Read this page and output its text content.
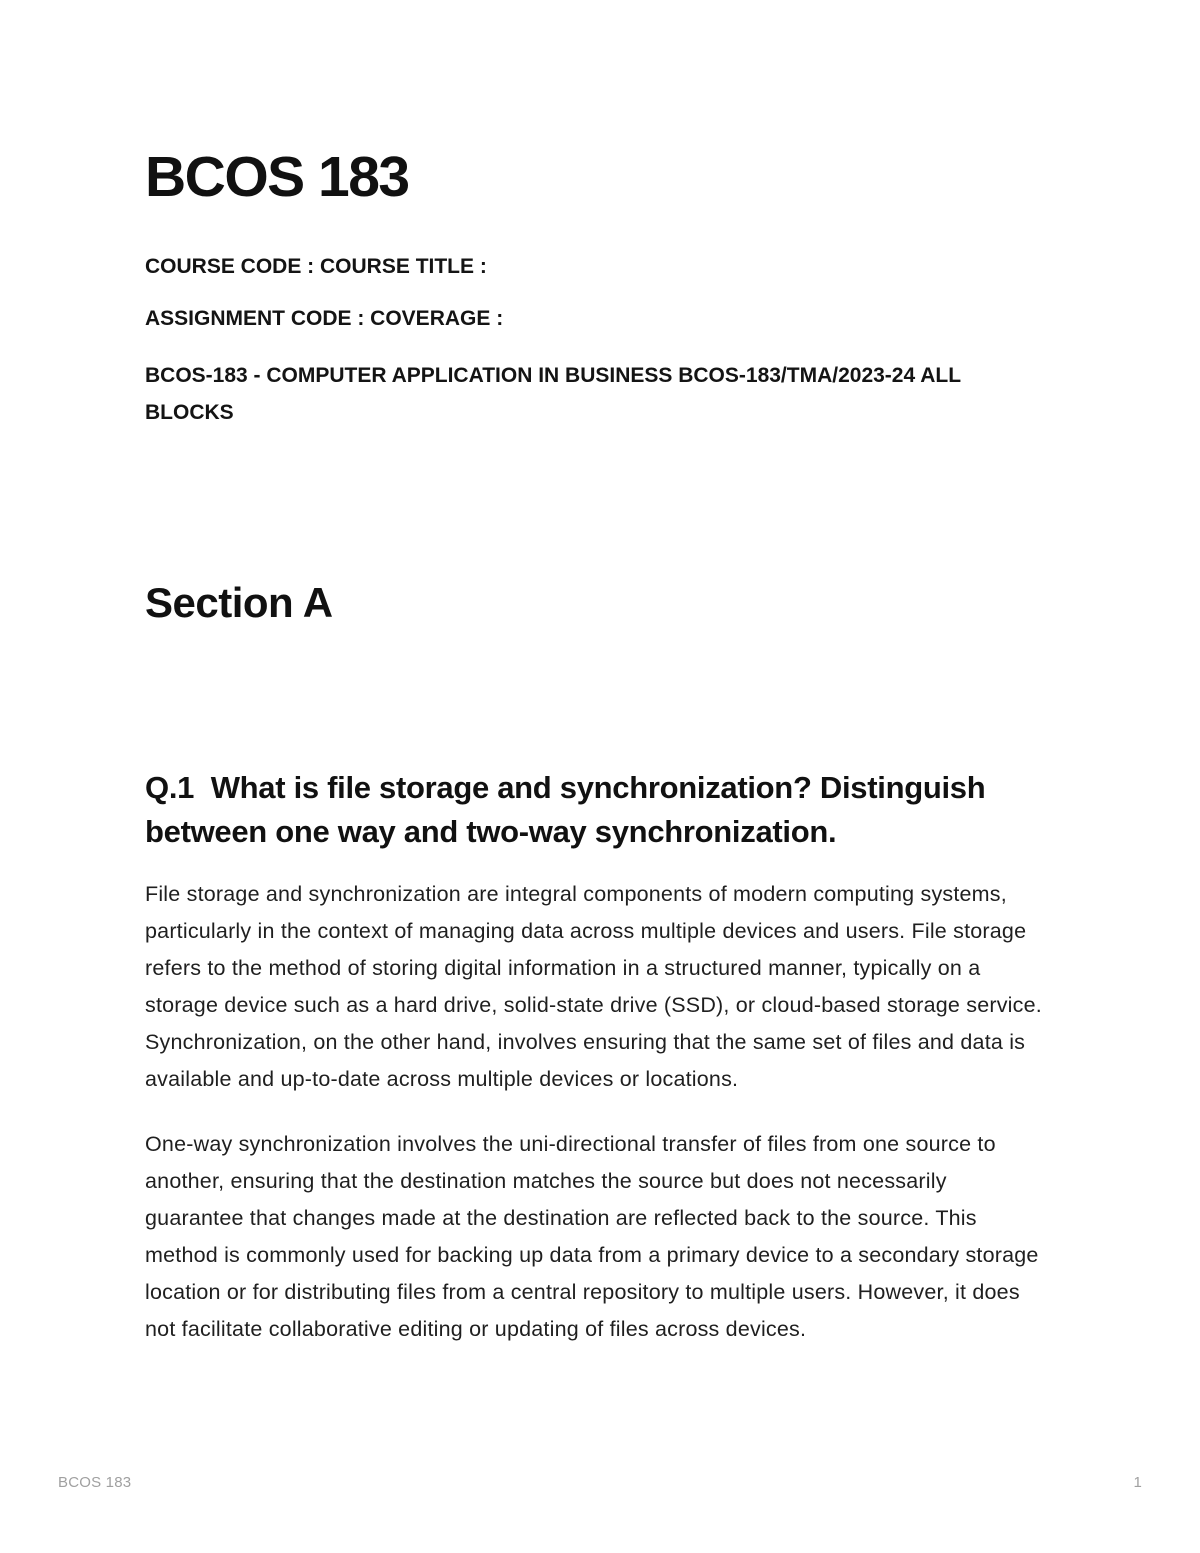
BCOS 183

COURSE CODE : COURSE TITLE :

ASSIGNMENT CODE : COVERAGE :

BCOS-183 - COMPUTER APPLICATION IN BUSINESS BCOS-183/TMA/2023-24 ALL BLOCKS

Section A
Q.1  What is file storage and synchronization? Distinguish between one way and two-way synchronization.

File storage and synchronization are integral components of modern computing systems, particularly in the context of managing data across multiple devices and users. File storage refers to the method of storing digital information in a structured manner, typically on a storage device such as a hard drive, solid-state drive (SSD), or cloud-based storage service. Synchronization, on the other hand, involves ensuring that the same set of files and data is available and up-to-date across multiple devices or locations.

One-way synchronization involves the uni-directional transfer of files from one source to another, ensuring that the destination matches the source but does not necessarily guarantee that changes made at the destination are reflected back to the source. This method is commonly used for backing up data from a primary device to a secondary storage location or for distributing files from a central repository to multiple users. However, it does not facilitate collaborative editing or updating of files across devices.

BCOS 183	1
